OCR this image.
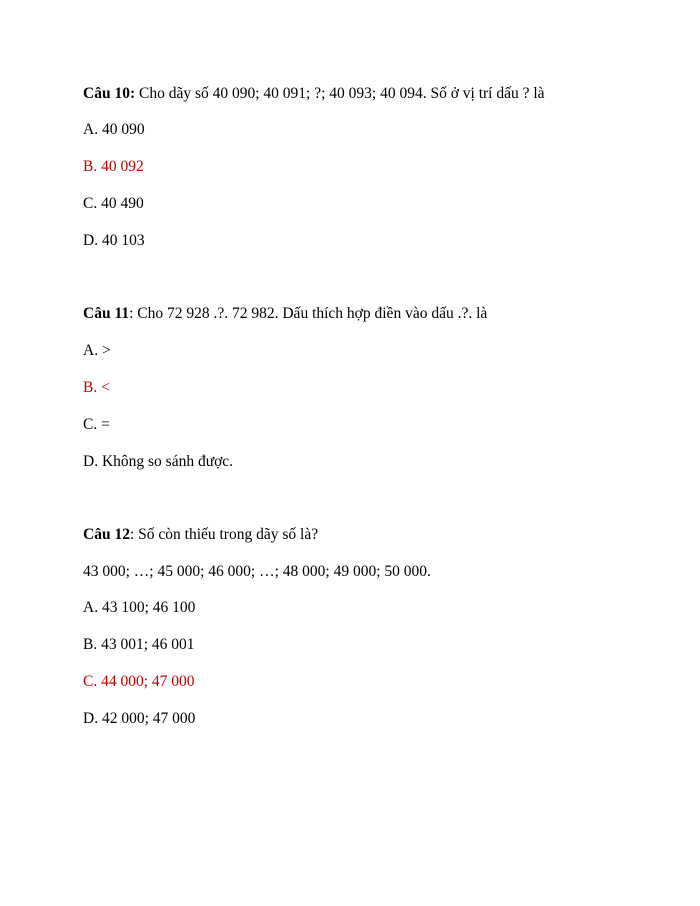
Câu 10: Cho dãy số 40 090; 40 091; ?; 40 093; 40 094. Số ở vị trí dấu ? là
A. 40 090
B. 40 092
C. 40 490
D. 40 103
Câu 11: Cho 72 928 .?. 72 982. Dấu thích hợp điền vào dấu .?. là
A. >
B. <
C. =
D. Không so sánh được.
Câu 12: Số còn thiếu trong dãy số là?
43 000; …; 45 000; 46 000; …; 48 000; 49 000; 50 000.
A. 43 100; 46 100
B. 43 001; 46 001
C. 44 000; 47 000
D. 42 000; 47 000
